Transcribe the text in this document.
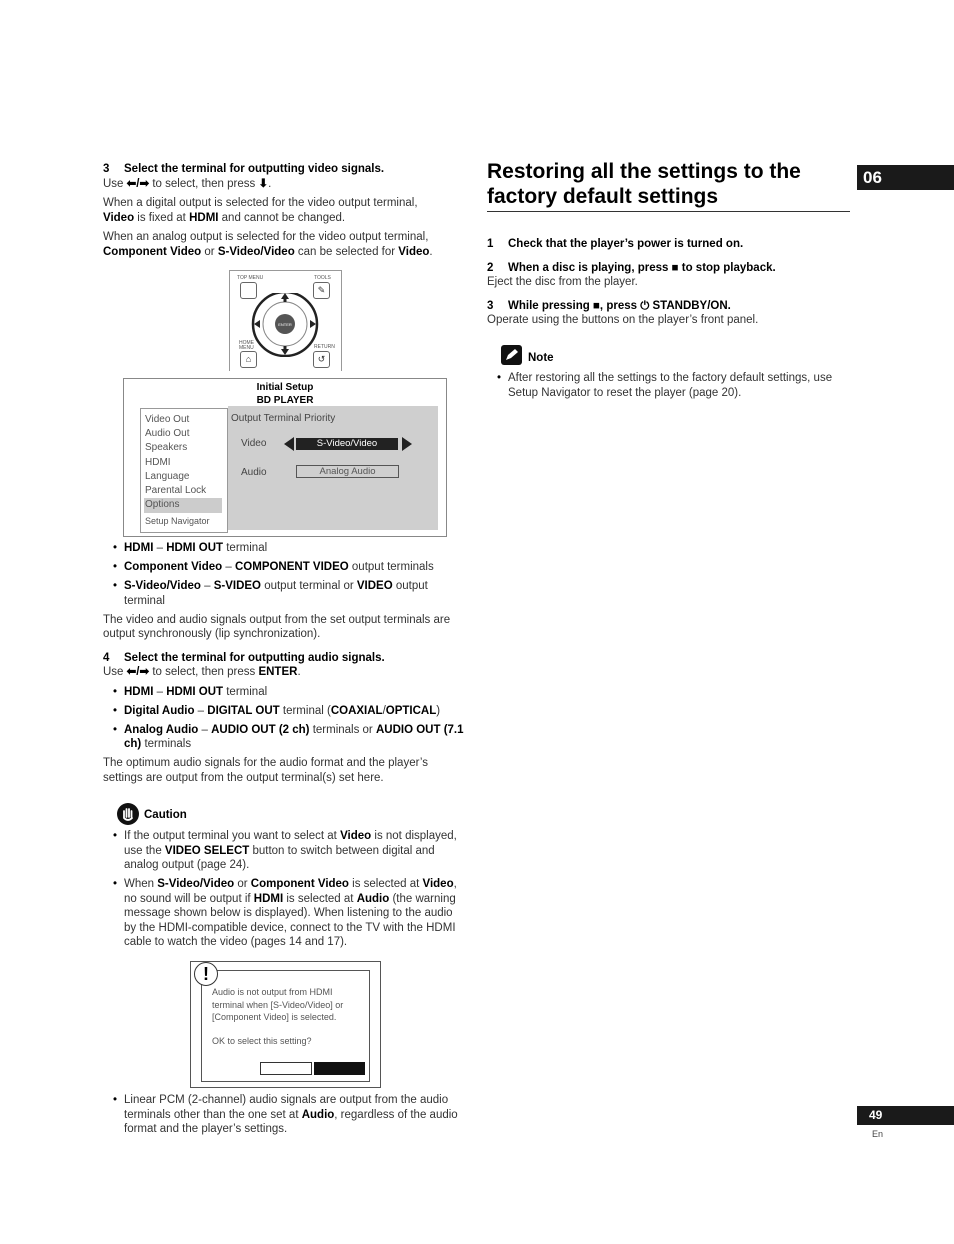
3 Select the terminal for outputting video signals.

Use ⬅/➡ to select, then press ⬇.

When a digital output is selected for the video output terminal,
Video is fixed at HDMI and cannot be changed.

When an analog output is selected for the video output terminal,
Component Video or S-Video/Video can be selected for Video.

TOP MENU	TOOLS
✎
ENTER
HOME
MENU	RETURN
⌂	↺
Initial Setup
BD PLAYER
Video Out
Audio Out
Speakers
HDMI
Language
Parental Lock
Options
Setup Navigator
Output Terminal Priority
Video	S-Video/Video
Audio	Analog Audio
• HDMI – HDMI OUT terminal
• Component Video – COMPONENT VIDEO output terminals
• S-Video/Video – S-VIDEO output terminal or VIDEO output terminal

The video and audio signals output from the set output terminals are output synchronously (lip synchronization).

4 Select the terminal for outputting audio signals.

Use ⬅/➡ to select, then press ENTER.

• HDMI – HDMI OUT terminal
• Digital Audio – DIGITAL OUT terminal (COAXIAL/OPTICAL)
• Analog Audio – AUDIO OUT (2 ch) terminals or AUDIO OUT (7.1 ch) terminals

The optimum audio signals for the audio format and the player’s settings are output from the output terminal(s) set here.

Caution
• If the output terminal you want to select at Video is not displayed, use the VIDEO SELECT button to switch between digital and analog output (page 24).
• When S-Video/Video or Component Video is selected at Video, no sound will be output if HDMI is selected at Audio (the warning message shown below is displayed). When listening to the audio by the HDMI-compatible device, connect to the TV with the HDMI cable to watch the video (pages 14 and 17).
!
Audio is not output from HDMI
terminal when [S-Video/Video] or
[Component Video] is selected.
OK to select this setting?
• Linear PCM (2-channel) audio signals are output from the audio terminals other than the one set at Audio, regardless of the audio format and the player’s settings.
Restoring all the settings to the factory default settings
06

1 Check that the player’s power is turned on.

2 When a disc is playing, press ■ to stop playback.

Eject the disc from the player.

3 While pressing ■, press ⏻ STANDBY/ON.

Operate using the buttons on the player’s front panel.

Note
• After restoring all the settings to the factory default settings, use Setup Navigator to reset the player (page 20).
49
En
